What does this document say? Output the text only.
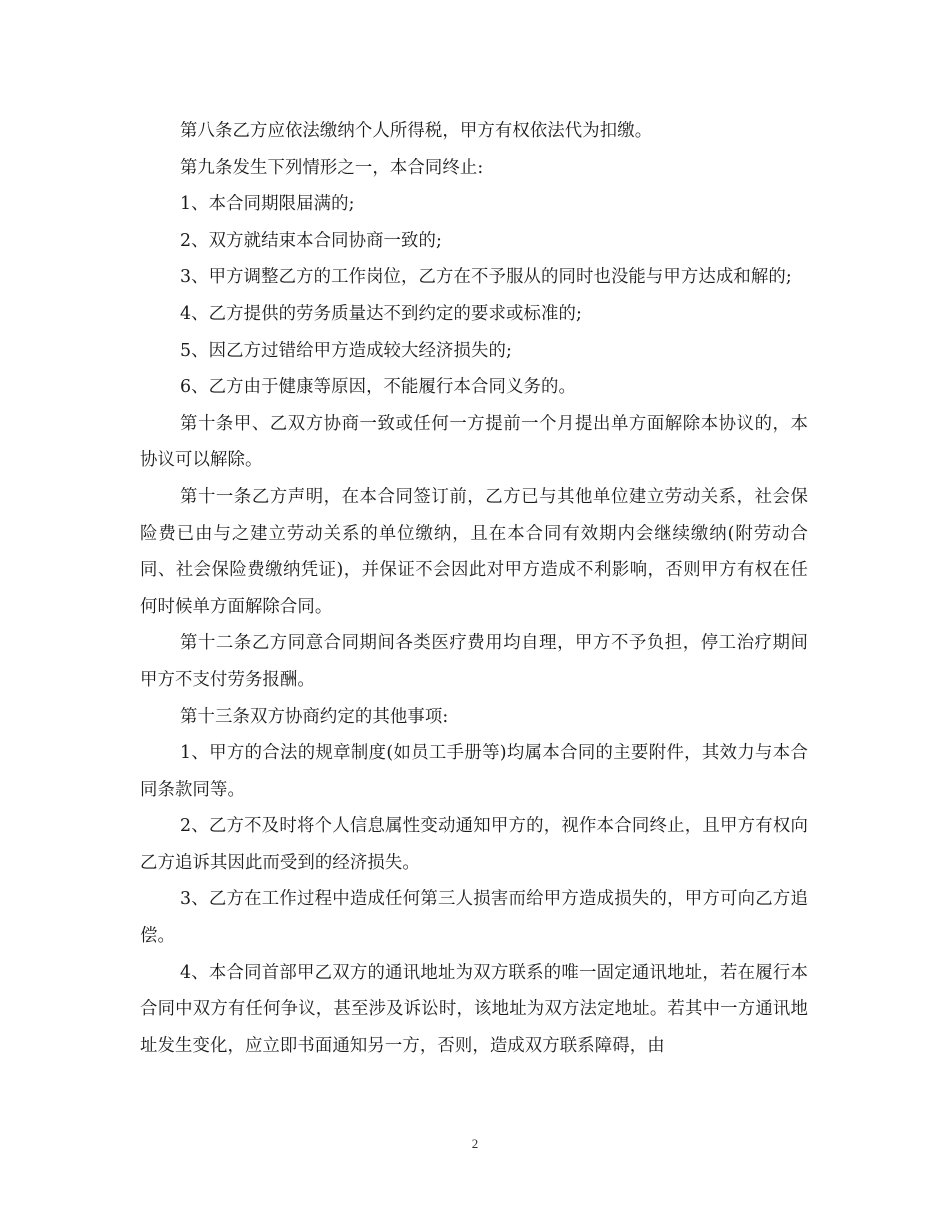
第八条乙方应依法缴纳个人所得税，甲方有权依法代为扣缴。

第九条发生下列情形之一，本合同终止:

1、本合同期限届满的;

2、双方就结束本合同协商一致的;

3、甲方调整乙方的工作岗位，乙方在不予服从的同时也没能与甲方达成和解的;

4、乙方提供的劳务质量达不到约定的要求或标准的;

5、因乙方过错给甲方造成较大经济损失的;

6、乙方由于健康等原因，不能履行本合同义务的。

第十条甲、乙双方协商一致或任何一方提前一个月提出单方面解除本协议的，本协议可以解除。

第十一条乙方声明，在本合同签订前，乙方已与其他单位建立劳动关系，社会保险费已由与之建立劳动关系的单位缴纳，且在本合同有效期内会继续缴纳(附劳动合同、社会保险费缴纳凭证)，并保证不会因此对甲方造成不利影响，否则甲方有权在任何时候单方面解除合同。

第十二条乙方同意合同期间各类医疗费用均自理，甲方不予负担，停工治疗期间甲方不支付劳务报酬。

第十三条双方协商约定的其他事项:

1、甲方的合法的规章制度(如员工手册等)均属本合同的主要附件，其效力与本合同条款同等。

2、乙方不及时将个人信息属性变动通知甲方的，视作本合同终止，且甲方有权向乙方追诉其因此而受到的经济损失。

3、乙方在工作过程中造成任何第三人损害而给甲方造成损失的，甲方可向乙方追偿。

4、本合同首部甲乙双方的通讯地址为双方联系的唯一固定通讯地址，若在履行本合同中双方有任何争议，甚至涉及诉讼时，该地址为双方法定地址。若其中一方通讯地址发生变化，应立即书面通知另一方，否则，造成双方联系障碍，由

2
